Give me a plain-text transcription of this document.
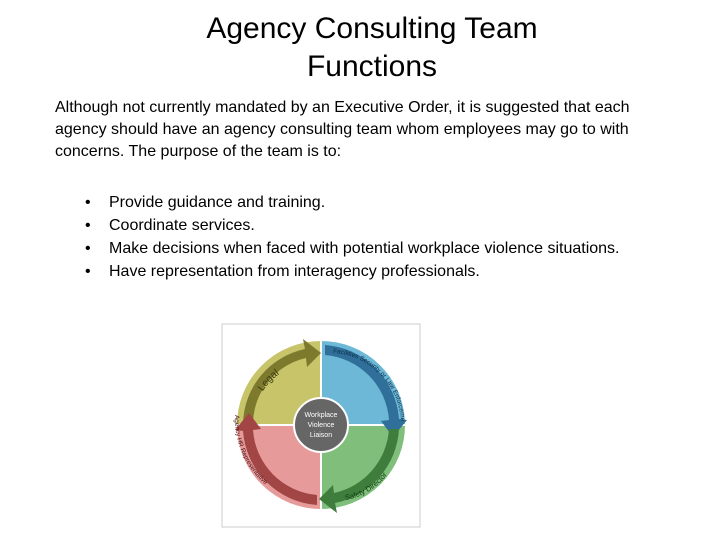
Agency Consulting Team
Functions
Although not currently mandated by an Executive Order, it is suggested that each agency should have an agency consulting team whom employees may go to with concerns. The purpose of the team is to:
• Provide guidance and training.
• Coordinate services.
• Make decisions when faced with potential workplace violence situations.
• Have representation from interagency professionals.
Workplace
Violence
Liaison
Legal
Facilities Security or Law Enforceme
Safety Director
Agency HR Representative
